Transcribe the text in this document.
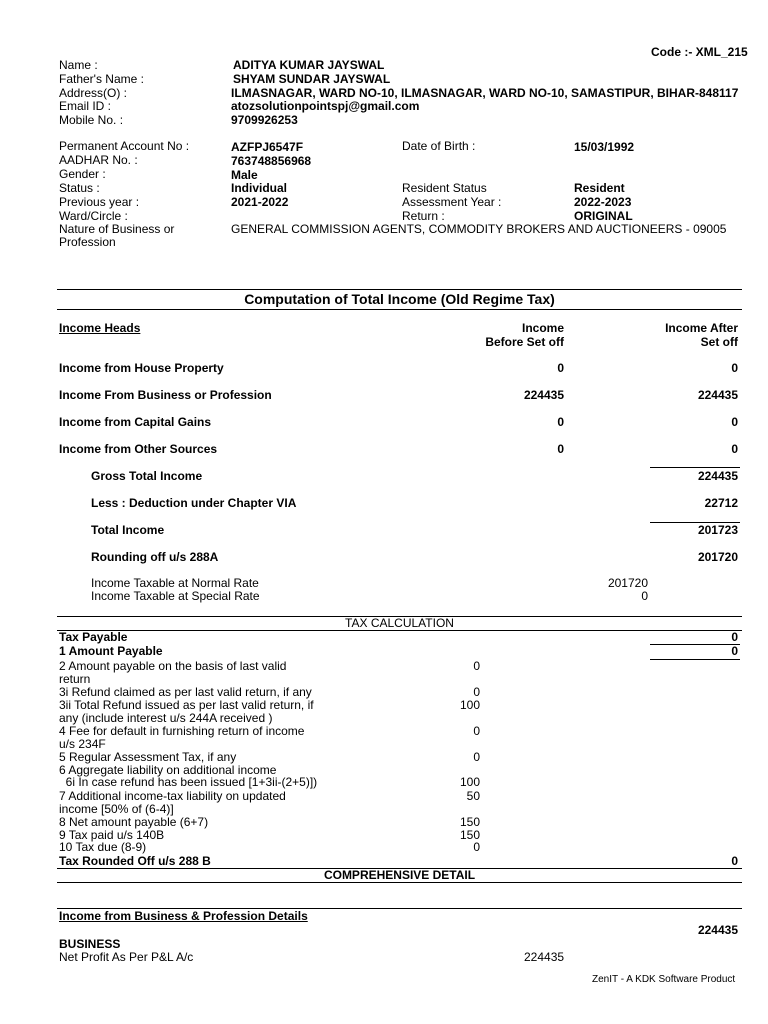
Code :- XML_215
Name :	ADITYA KUMAR JAYSWAL
Father's Name :	SHYAM SUNDAR JAYSWAL
Address(O) :	ILMASNAGAR, WARD NO-10, ILMASNAGAR, WARD NO-10, SAMASTIPUR, BIHAR-848117
Email ID :	atozsolutionpointspj@gmail.com
Mobile No. :	9709926253
Permanent Account No :	AZFPJ6547F	Date of Birth :	15/03/1992
AADHAR No. :	763748856968
Gender :	Male
Status :	Individual	Resident Status	Resident
Previous year :	2021-2022	Assessment Year :	2022-2023
Ward/Circle :	Return :	ORIGINAL
Nature of Business or Profession
GENERAL COMMISSION AGENTS, COMMODITY BROKERS AND AUCTIONEERS - 09005
Computation of Total Income (Old Regime Tax)
Income Heads	Income
Before Set off
Income After
Set off
Income from House Property	0	0
Income From Business or Profession	224435	224435
Income from Capital Gains	0	0
Income from Other Sources	0	0
Gross Total Income	224435
Less : Deduction under Chapter VIA	22712
Total Income	201723
Rounding off u/s 288A	201720
Income Taxable at Normal Rate	201720
Income Taxable at Special Rate	0
TAX CALCULATION
Tax Payable	0
1 Amount Payable	0
2 Amount payable on the basis of last valid return
0
3i Refund claimed as per last valid return, if any	0
3ii Total Refund issued as per last valid return, if any (include interest u/s 244A received )
100
4 Fee for default in furnishing return of income u/s 234F
0
5 Regular Assessment Tax, if any	0
6 Aggregate liability on additional income
6i In case refund has been issued [1+3ii-(2+5)])	100
7 Additional income-tax liability on updated income [50% of (6-4)]
50
8 Net amount payable (6+7)	150
9 Tax paid u/s 140B	150
10 Tax due (8-9)	0
Tax Rounded Off u/s 288 B	0
COMPREHENSIVE DETAIL
Income from Business & Profession Details
224435
BUSINESS
Net Profit As Per P&L A/c	224435
ZenIT - A KDK Software Product
